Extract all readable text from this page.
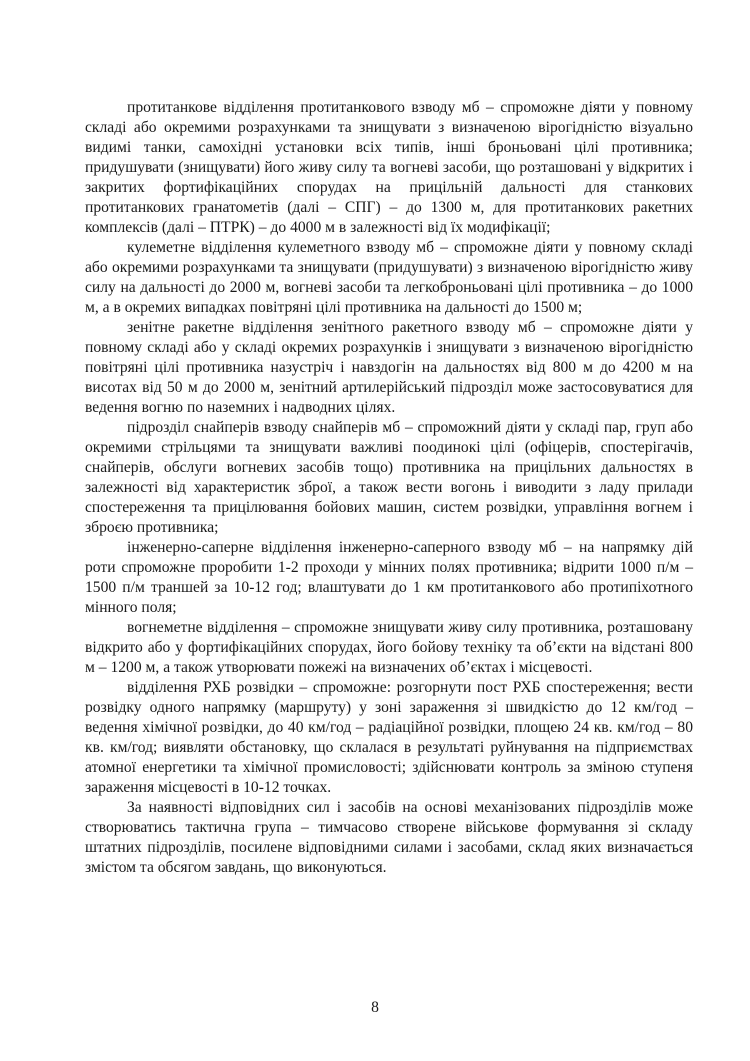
протитанкове відділення протитанкового взводу мб – спроможне діяти у повному складі або окремими розрахунками та знищувати з визначеною вірогідністю візуально видимі танки, самохідні установки всіх типів, інші броньовані цілі противника; придушувати (знищувати) його живу силу та вогневі засоби, що розташовані у відкритих і закритих фортифікаційних спорудах на прицільній дальності для станкових протитанкових гранатометів (далі – СПГ) – до 1300 м, для протитанкових ракетних комплексів (далі – ПТРК) – до 4000 м в залежності від їх модифікації;

кулеметне відділення кулеметного взводу мб – спроможне діяти у повному складі або окремими розрахунками та знищувати (придушувати) з визначеною вірогідністю живу силу на дальності до 2000 м, вогневі засоби та легкоброньовані цілі противника – до 1000 м, а в окремих випадках повітряні цілі противника на дальності до 1500 м;

зенітне ракетне відділення зенітного ракетного взводу мб – спроможне діяти у повному складі або у складі окремих розрахунків і знищувати з визначеною вірогідністю повітряні цілі противника назустріч і навздогін на дальностях від 800 м до 4200 м на висотах від 50 м до 2000 м, зенітний артилерійський підрозділ може застосовуватися для ведення вогню по наземних і надводних цілях.

підрозділ снайперів взводу снайперів мб – спроможний діяти у складі пар, груп або окремими стрільцями та знищувати важливі поодинокі цілі (офіцерів, спостерігачів, снайперів, обслуги вогневих засобів тощо) противника на прицільних дальностях в залежності від характеристик зброї, а також вести вогонь і виводити з ладу прилади спостереження та прицілювання бойових машин, систем розвідки, управління вогнем і зброєю противника;

інженерно-саперне відділення інженерно-саперного взводу мб – на напрямку дій роти спроможне проробити 1-2 проходи у мінних полях противника; відрити 1000 п/м – 1500 п/м траншей за 10-12 год; влаштувати до 1 км протитанкового або протипіхотного мінного поля;

вогнеметне відділення – спроможне знищувати живу силу противника, розташовану відкрито або у фортифікаційних спорудах, його бойову техніку та об’єкти на відстані 800 м – 1200 м, а також утворювати пожежі на визначених об’єктах і місцевості.

відділення РХБ розвідки – спроможне: розгорнути пост РХБ спостереження; вести розвідку одного напрямку (маршруту) у зоні зараження зі швидкістю до 12 км/год – ведення хімічної розвідки, до 40 км/год – радіаційної розвідки, площею 24 кв. км/год – 80 кв. км/год; виявляти обстановку, що склалася в результаті руйнування на підприємствах атомної енергетики та хімічної промисловості; здійснювати контроль за зміною ступеня зараження місцевості в 10-12 точках.

За наявності відповідних сил і засобів на основі механізованих підрозділів може створюватись тактична група – тимчасово створене військове формування зі складу штатних підрозділів, посилене відповідними силами і засобами, склад яких визначається змістом та обсягом завдань, що виконуються.

8
